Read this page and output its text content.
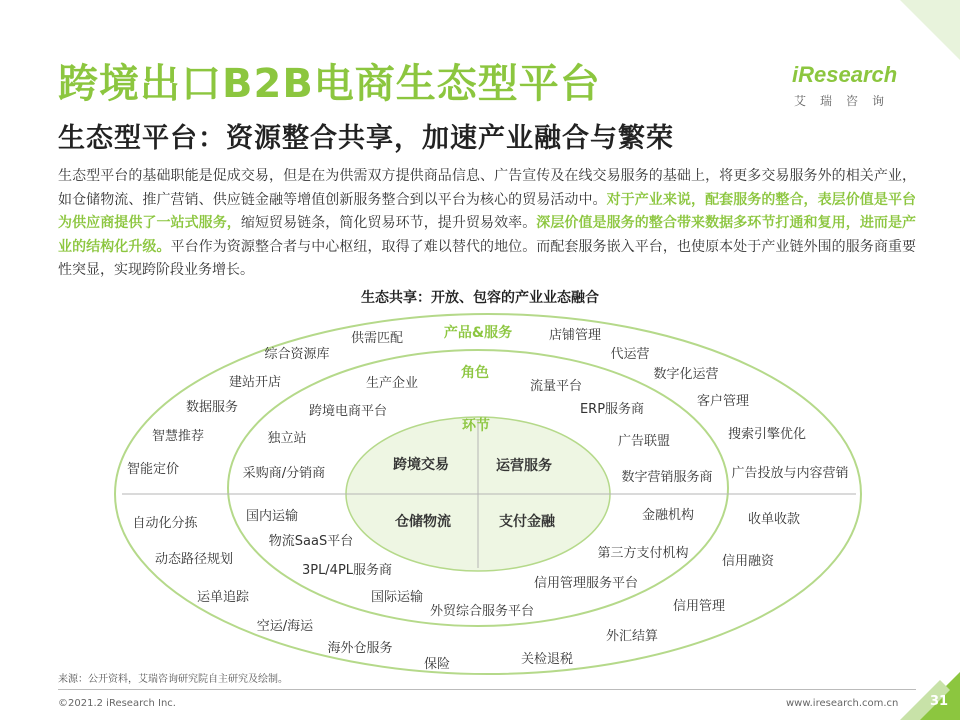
跨境出口B2B电商生态型平台
生态型平台：资源整合共享，加速产业融合与繁荣
iResearch
艾瑞咨询
生态型平台的基础职能是促成交易，但是在为供需双方提供商品信息、广告宣传及在线交易服务的基础上，将更多交易服务外的相关产业，如仓储物流、推广营销、供应链金融等增值创新服务整合到以平台为核心的贸易活动中。对于产业来说，配套服务的整合，表层价值是平台为供应商提供了一站式服务，缩短贸易链条，简化贸易环节，提升贸易效率。深层价值是服务的整合带来数据多环节打通和复用，进而是产业的结构化升级。平台作为资源整合者与中心枢纽，取得了难以替代的地位。而配套服务嵌入平台，也使原本处于产业链外围的服务商重要性突显，实现跨阶段业务增长。
生态共享：开放、包容的产业业态融合
产品&服务
角色
环节
跨境交易	运营服务
仓储物流	支付金融
生产企业
跨境电商平台
独立站
采购商/分销商
国内运输
物流SaaS平台
3PL/4PL服务商
国际运输
外贸综合服务平台
流量平台
ERP服务商
广告联盟
数字营销服务商
金融机构
第三方支付机构
信用管理服务平台
供需匹配
综合资源库
建站开店
数据服务
智慧推荐
智能定价
自动化分拣
动态路径规划
运单追踪
空运/海运
海外仓服务
保险	关检退税
外汇结算
信用管理
信用融资
收单收款
广告投放与内容营销
搜索引擎优化
客户管理
数字化运营
代运营
店铺管理
来源：公开资料，艾瑞咨询研究院自主研究及绘制。
©2021.2 iResearch Inc.	www.iresearch.com.cn 31
